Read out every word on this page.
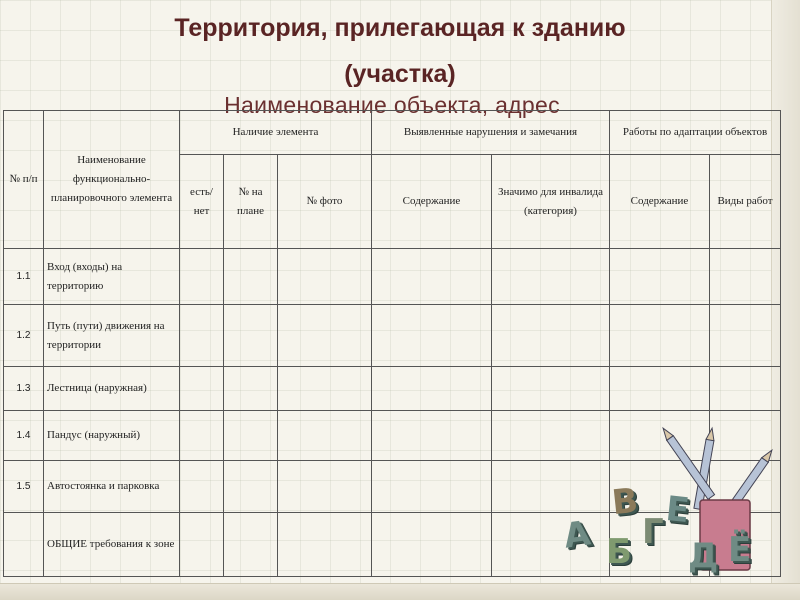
Территория, прилегающая к зданию
(участка)
Наименование объекта, адрес
№ п/п	Наименование функционально-планировочного элемента	Наличие элемента			Выявленные нарушения и замечания		Работы по адаптации объектов	
		есть/нет	№ на плане	№ фото	Содержание	Значимо для инвалида (категория)	Содержание	Виды работ
1.1	Вход (входы) на территорию							
1.2	Путь (пути) движения на территории							
1.3	Лестница (наружная)							
1.4	Пандус (наружный)							
1.5	Автостоянка и парковка							
	ОБЩИЕ требования к зоне								А Б
В
Г
Е
Д Ё
